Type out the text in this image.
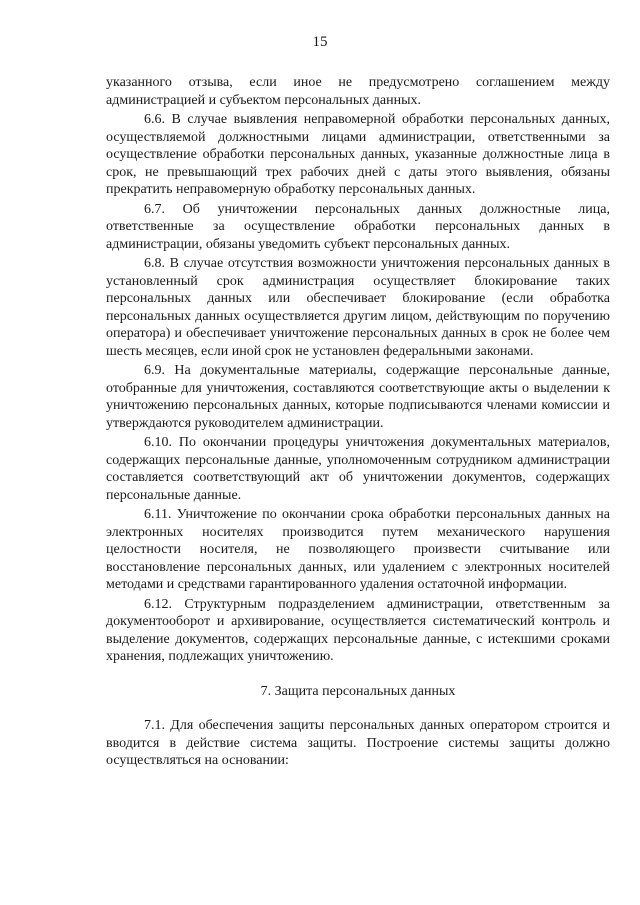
15

указанного отзыва, если иное не предусмотрено соглашением между администрацией и субъектом персональных данных.

6.6. В случае выявления неправомерной обработки персональных данных, осуществляемой должностными лицами администрации, ответственными за осуществление обработки персональных данных, указанные должностные лица в срок, не превышающий трех рабочих дней с даты этого выявления, обязаны прекратить неправомерную обработку персональных данных.

6.7. Об уничтожении персональных данных должностные лица, ответственные за осуществление обработки персональных данных в администрации, обязаны уведомить субъект персональных данных.

6.8. В случае отсутствия возможности уничтожения персональных данных в установленный срок администрация осуществляет блокирование таких персональных данных или обеспечивает блокирование (если обработка персональных данных осуществляется другим лицом, действующим по поручению оператора) и обеспечивает уничтожение персональных данных в срок не более чем шесть месяцев, если иной срок не установлен федеральными законами.

6.9. На документальные материалы, содержащие персональные данные, отобранные для уничтожения, составляются соответствующие акты о выделении к уничтожению персональных данных, которые подписываются членами комиссии и утверждаются руководителем администрации.

6.10. По окончании процедуры уничтожения документальных материалов, содержащих персональные данные, уполномоченным сотрудником администрации составляется соответствующий акт об уничтожении документов, содержащих персональные данные.

6.11. Уничтожение по окончании срока обработки персональных данных на электронных носителях производится путем механического нарушения целостности носителя, не позволяющего произвести считывание или восстановление персональных данных, или удалением с электронных носителей методами и средствами гарантированного удаления остаточной информации.

6.12. Структурным подразделением администрации, ответственным за документооборот и архивирование, осуществляется систематический контроль и выделение документов, содержащих персональные данные, с истекшими сроками хранения, подлежащих уничтожению.

7. Защита персональных данных

7.1. Для обеспечения защиты персональных данных оператором строится и вводится в действие система защиты. Построение системы защиты должно осуществляться на основании:
